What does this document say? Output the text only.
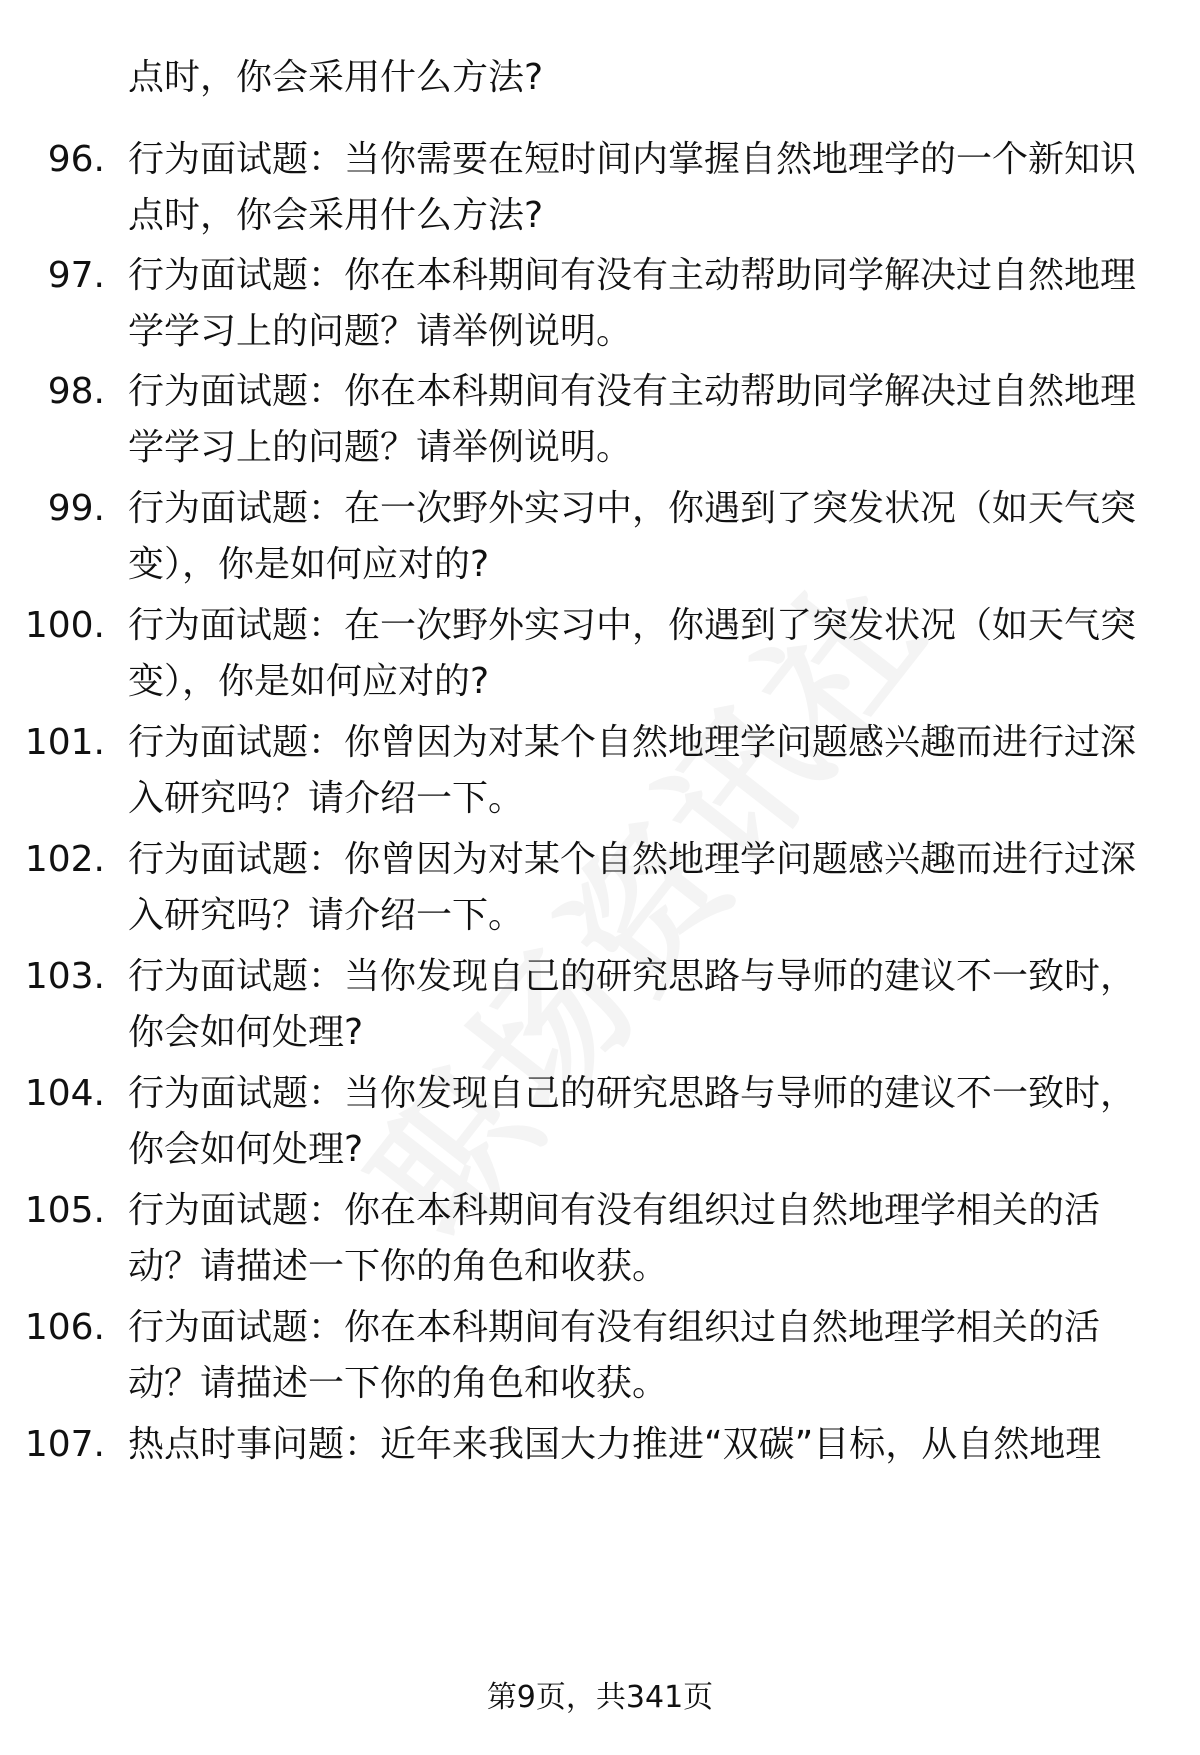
点时，你会采用什么方法?
96. 行为面试题：当你需要在短时间内掌握自然地理学的一个新知识
点时，你会采用什么方法?
97. 行为面试题：你在本科期间有没有主动帮助同学解决过自然地理
学学习上的问题？请举例说明。
98. 行为面试题：你在本科期间有没有主动帮助同学解决过自然地理
学学习上的问题？请举例说明。
99. 行为面试题：在一次野外实习中，你遇到了突发状况（如天气突
变），你是如何应对的?
100. 行为面试题：在一次野外实习中，你遇到了突发状况（如天气突
变），你是如何应对的?
101. 行为面试题：你曾因为对某个自然地理学问题感兴趣而进行过深
入研究吗？请介绍一下。
102. 行为面试题：你曾因为对某个自然地理学问题感兴趣而进行过深
入研究吗？请介绍一下。
103. 行为面试题：当你发现自己的研究思路与导师的建议不一致时，
你会如何处理?
104. 行为面试题：当你发现自己的研究思路与导师的建议不一致时，
你会如何处理?
105. 行为面试题：你在本科期间有没有组织过自然地理学相关的活
动？请描述一下你的角色和收获。
106. 行为面试题：你在本科期间有没有组织过自然地理学相关的活
动？请描述一下你的角色和收获。
107. 热点时事问题：近年来我国大力推进“双碳”目标，从自然地理
第9页，共341页
